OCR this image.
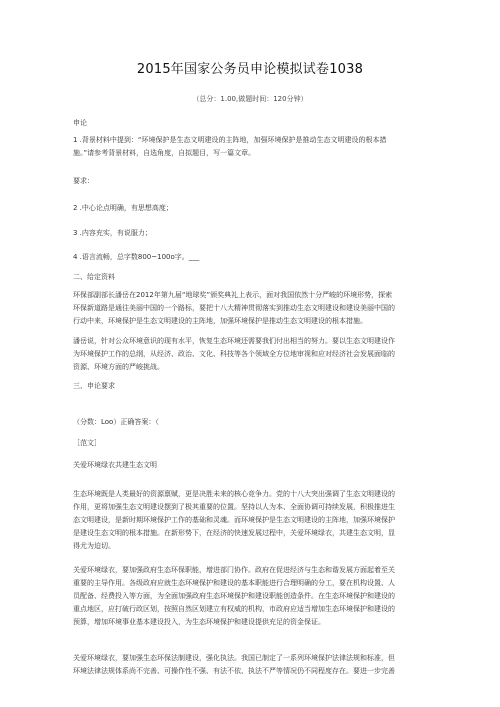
2015年国家公务员申论模拟试卷1038
（总分：1.00,做题时间：120分钟）
申论
1 .背景材料中提到：“环境保护是生态文明建设的主阵地，加强环境保护是推动生态文明建设的根本措
施。”请参考背景材料，自选角度，自拟题目，写一篇文章。
要求：
2 .中心论点明确，有思想高度；
3 .内容充实，有说服力；
4 .语言流畅，总字数800~100o字。___
二、给定资料
环保部副部长潘岳在2012年第九届“地球奖”颁奖典礼上表示，面对我国依然十分严峻的环境形势，探索
环保新道路是通往美丽中国的一个路标，要把十八大精神贯彻落实到推动生态文明建设和建设美丽中国的
行动中来，环境保护是生态文明建设的主阵地，加强环境保护是推动生态文明建设的根本措施。
潘岳说，针对公众环境意识的现有水平，恢复生态环境还需要我们付出相当的努力。要以生态文明建设作
为环境保护工作的总纲，从经济、政治、文化、科技等各个领域全方位地审视和应对经济社会发展面临的
资源、环境方面的严峻挑战。
三、申论要求
（分数：Loo）正确答案：（
［范文］
关爱环境绿衣共建生态文明
生态环境既是人类最好的资源禀赋，更是决胜未来的核心竞争力。党的十八大突出强调了生态文明建设的
作用，更将加强生态文明建设摆到了极其重要的位置。坚持以人为本、全面协调可持续发展，积极推进生
态文明建设，是新时期环境保护工作的基础和灵魂。而环境保护是生态文明建设的主阵地，加强环境保护
是建设生态文明的根本措施。在新形势下，在经济的快速发展过程中，关爱环境绿衣，共建生态文明，显
得尤为迫切。
关爱环境绿衣，要加强政府生态环保职能，增进部门协作。政府在促进经济与生态和谐发展方面起着至关
重要的主导作用。各级政府应就生态环境保护和建设的基本职能进行合理明确的分工，要在机构设置、人
员配备、经费投入等方面，为全面加强政府生态环境保护和建设职能创造条件。在生态环境保护和建设的
重点地区，应打破行政区划，按照自然区划建立有权威的机构，市政府应适当增加生态环境保护和建设的
预算，增加环境事业基本建设投入，为生态环境保护和建设提供充足的资金保证。
关爱环境绿衣，要加强生态环保法制建设，强化执法。我国已制定了一系列环境保护法律法规和标准，但
环境法律法规体系尚不完善、可操作性不强、有法不依、执法不严等情况仍不同程度存在。要进一步完善
